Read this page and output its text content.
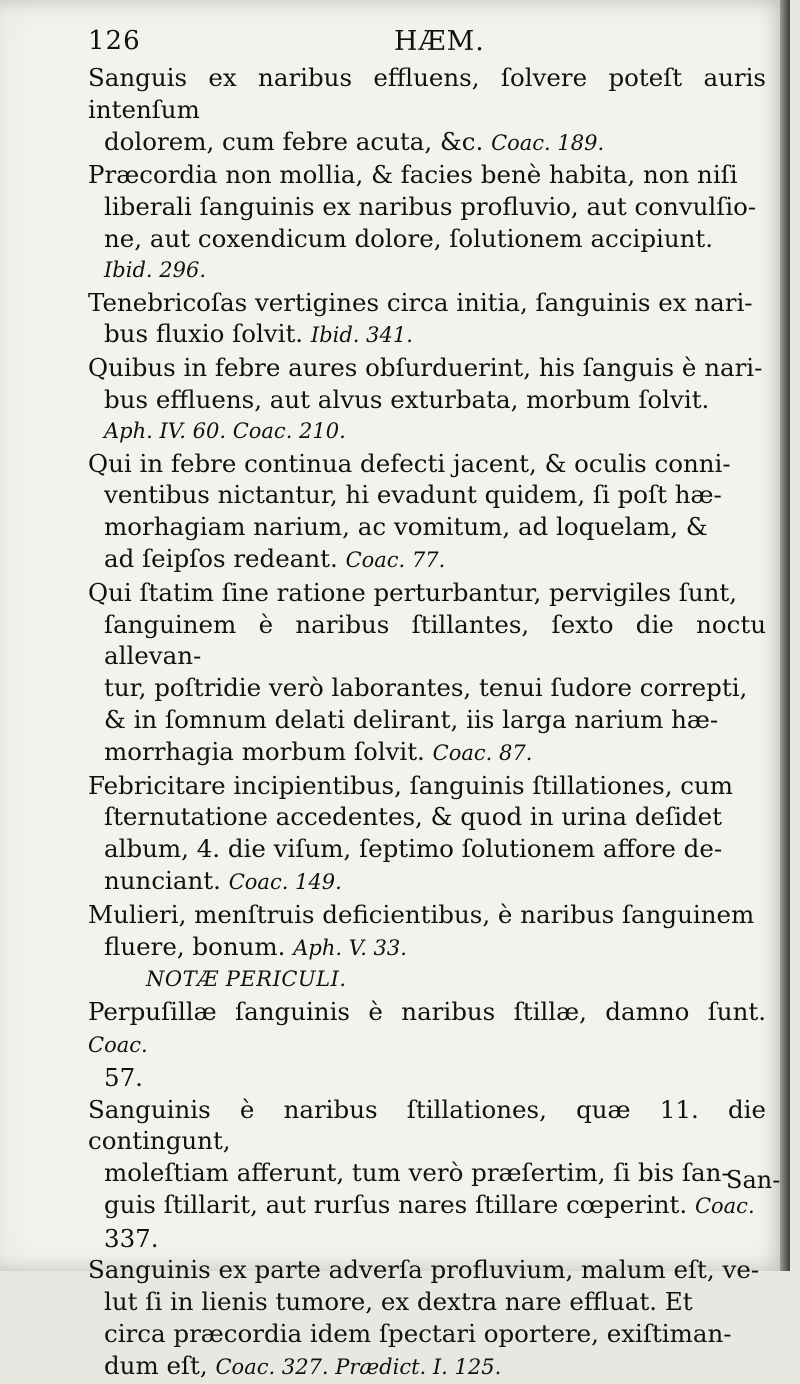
126	HÆM.
Sanguis ex naribus effluens, ſolvere poteſt auris intenſum
dolorem, cum febre acuta, &c. Coac. 189.
Præcordia non mollia, & facies benè habita, non niſi
liberali ſanguinis ex naribus profluvio, aut convulſio-
ne, aut coxendicum dolore, ſolutionem accipiunt.
Ibid. 296.
Tenebricoſas vertigines circa initia, ſanguinis ex nari-
bus fluxio ſolvit. Ibid. 341.
Quibus in febre aures obſurduerint, his ſanguis è nari-
bus effluens, aut alvus exturbata, morbum ſolvit.
Aph. IV. 60. Coac. 210.
Qui in febre continua defecti jacent, & oculis conni-
ventibus nictantur, hi evadunt quidem, ſi poſt hæ-
morhagiam narium, ac vomitum, ad loquelam, &
ad ſeipſos redeant. Coac. 77.
Qui ſtatim ſine ratione perturbantur, pervigiles ſunt,
ſanguinem è naribus ſtillantes, ſexto die noctu allevan-
tur, poſtridie verò laborantes, tenui ſudore correpti,
& in ſomnum delati delirant, iis larga narium hæ-
morrhagia morbum ſolvit. Coac. 87.
Febricitare incipientibus, ſanguinis ſtillationes, cum
ſternutatione accedentes, & quod in urina deſidet
album, 4. die viſum, ſeptimo ſolutionem affore de-
nunciant. Coac. 149.
Mulieri, menſtruis deficientibus, è naribus ſanguinem
fluere, bonum. Aph. V. 33.
NOTÆ PERICULI.
Perpuſillæ ſanguinis è naribus ſtillæ, damno ſunt. Coac.
57.
Sanguinis è naribus ſtillationes, quæ 11. die contingunt,
moleſtiam afferunt, tum verò præſertim, ſi bis ſan-
guis ſtillarit, aut rurſus nares ſtillare cœperint. Coac.
337.
Sanguinis ex parte adverſa profluvium, malum eſt, ve-
lut ſi in lienis tumore, ex dextra nare effluat. Et
circa præcordia idem ſpectari oportere, exiſtiman-
dum eſt, Coac. 327. Prædict. I. 125.
San-
